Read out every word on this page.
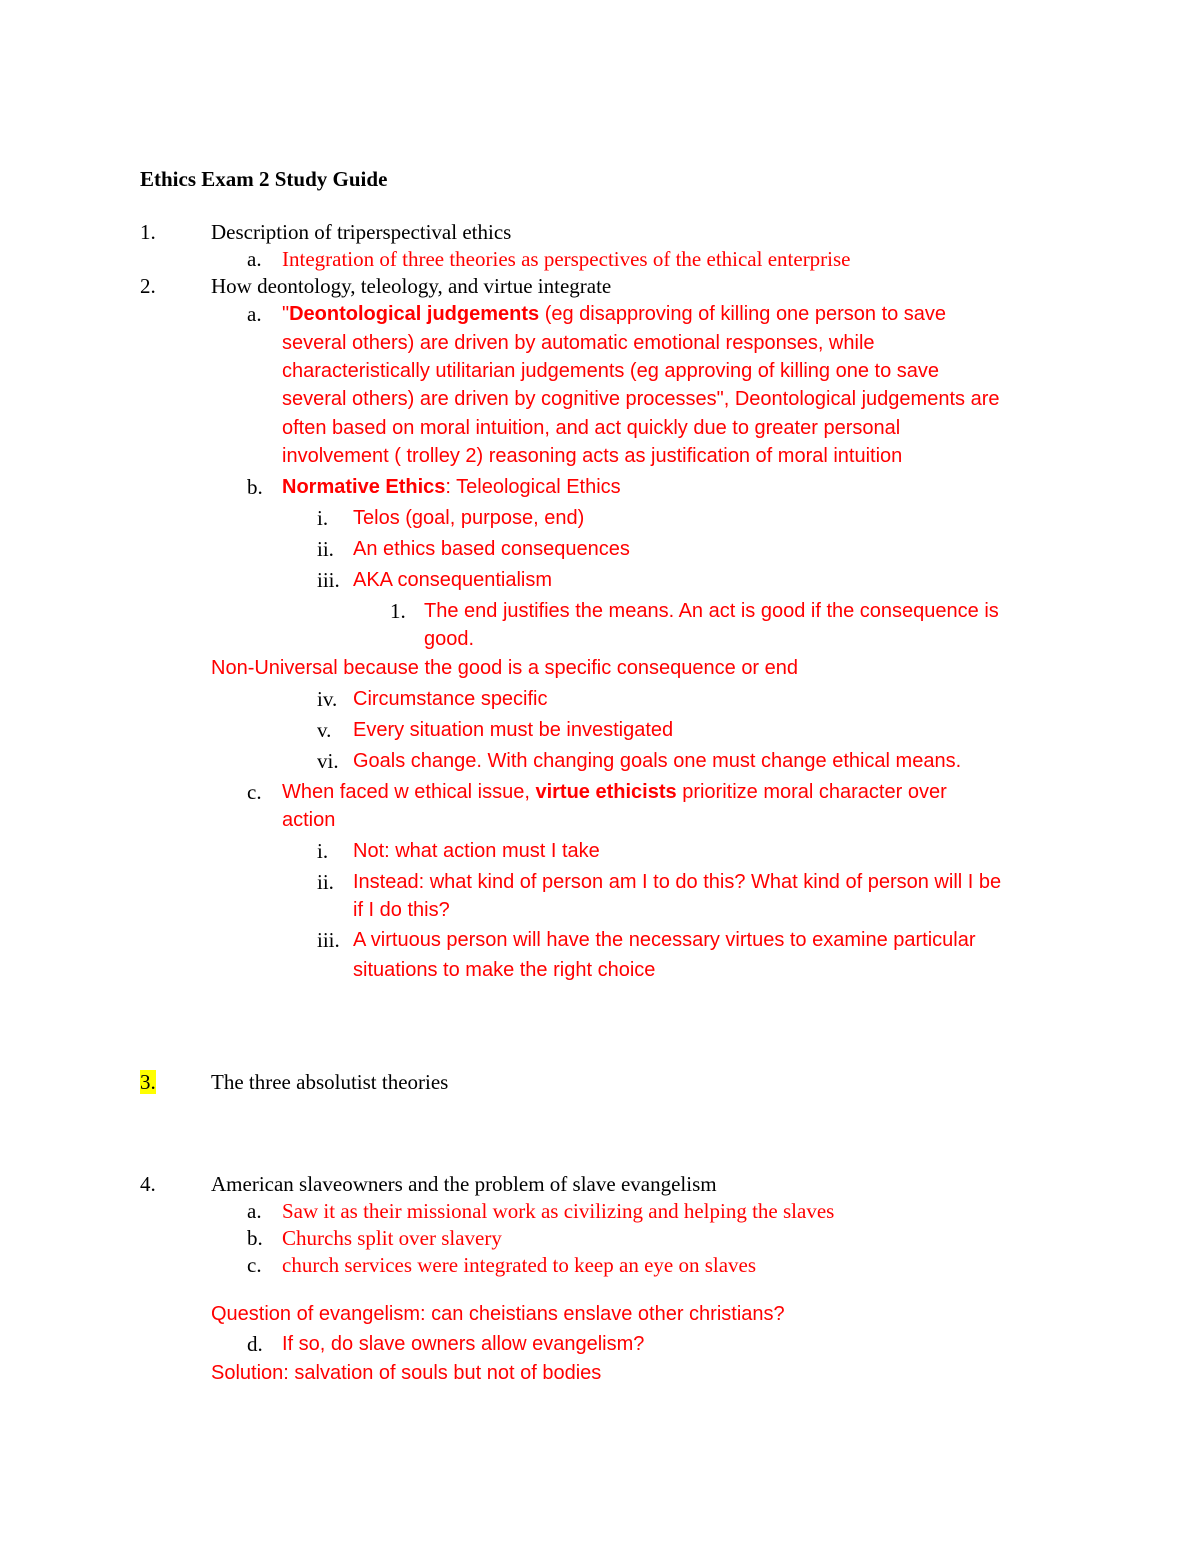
Ethics Exam 2 Study Guide
1.	Description of triperspectival ethics
a. Integration of three theories as perspectives of the ethical enterprise
2.	How deontology, teleology, and virtue integrate
a. "Deontological judgements (eg disapproving of killing one person to save
several others) are driven by automatic emotional responses, while
characteristically utilitarian judgements (eg approving of killing one to save
several others) are driven by cognitive processes", Deontological judgements are
often based on moral intuition, and act quickly due to greater personal
involvement ( trolley 2) reasoning acts as justification of moral intuition
b. Normative Ethics: Teleological Ethics
i. Telos (goal, purpose, end)
ii. An ethics based consequences
iii. AKA consequentialism
1. The end justifies the means. An act is good if the consequence is
good.
Non-Universal because the good is a specific consequence or end
iv. Circumstance specific
v. Every situation must be investigated
vi. Goals change. With changing goals one must change ethical means.
c. When faced w ethical issue, virtue ethicists prioritize moral character over
action
i. Not: what action must I take
ii. Instead: what kind of person am I to do this? What kind of person will I be
if I do this?
iii. A virtuous person will have the necessary virtues to examine particular
situations to make the right choice
3.	The three absolutist theories
4.	American slaveowners and the problem of slave evangelism
a. Saw it as their missional work as civilizing and helping the slaves
b. Churchs split over slavery
c. church services were integrated to keep an eye on slaves
Question of evangelism: can cheistians enslave other christians?
d. If so, do slave owners allow evangelism?
Solution: salvation of souls but not of bodies
